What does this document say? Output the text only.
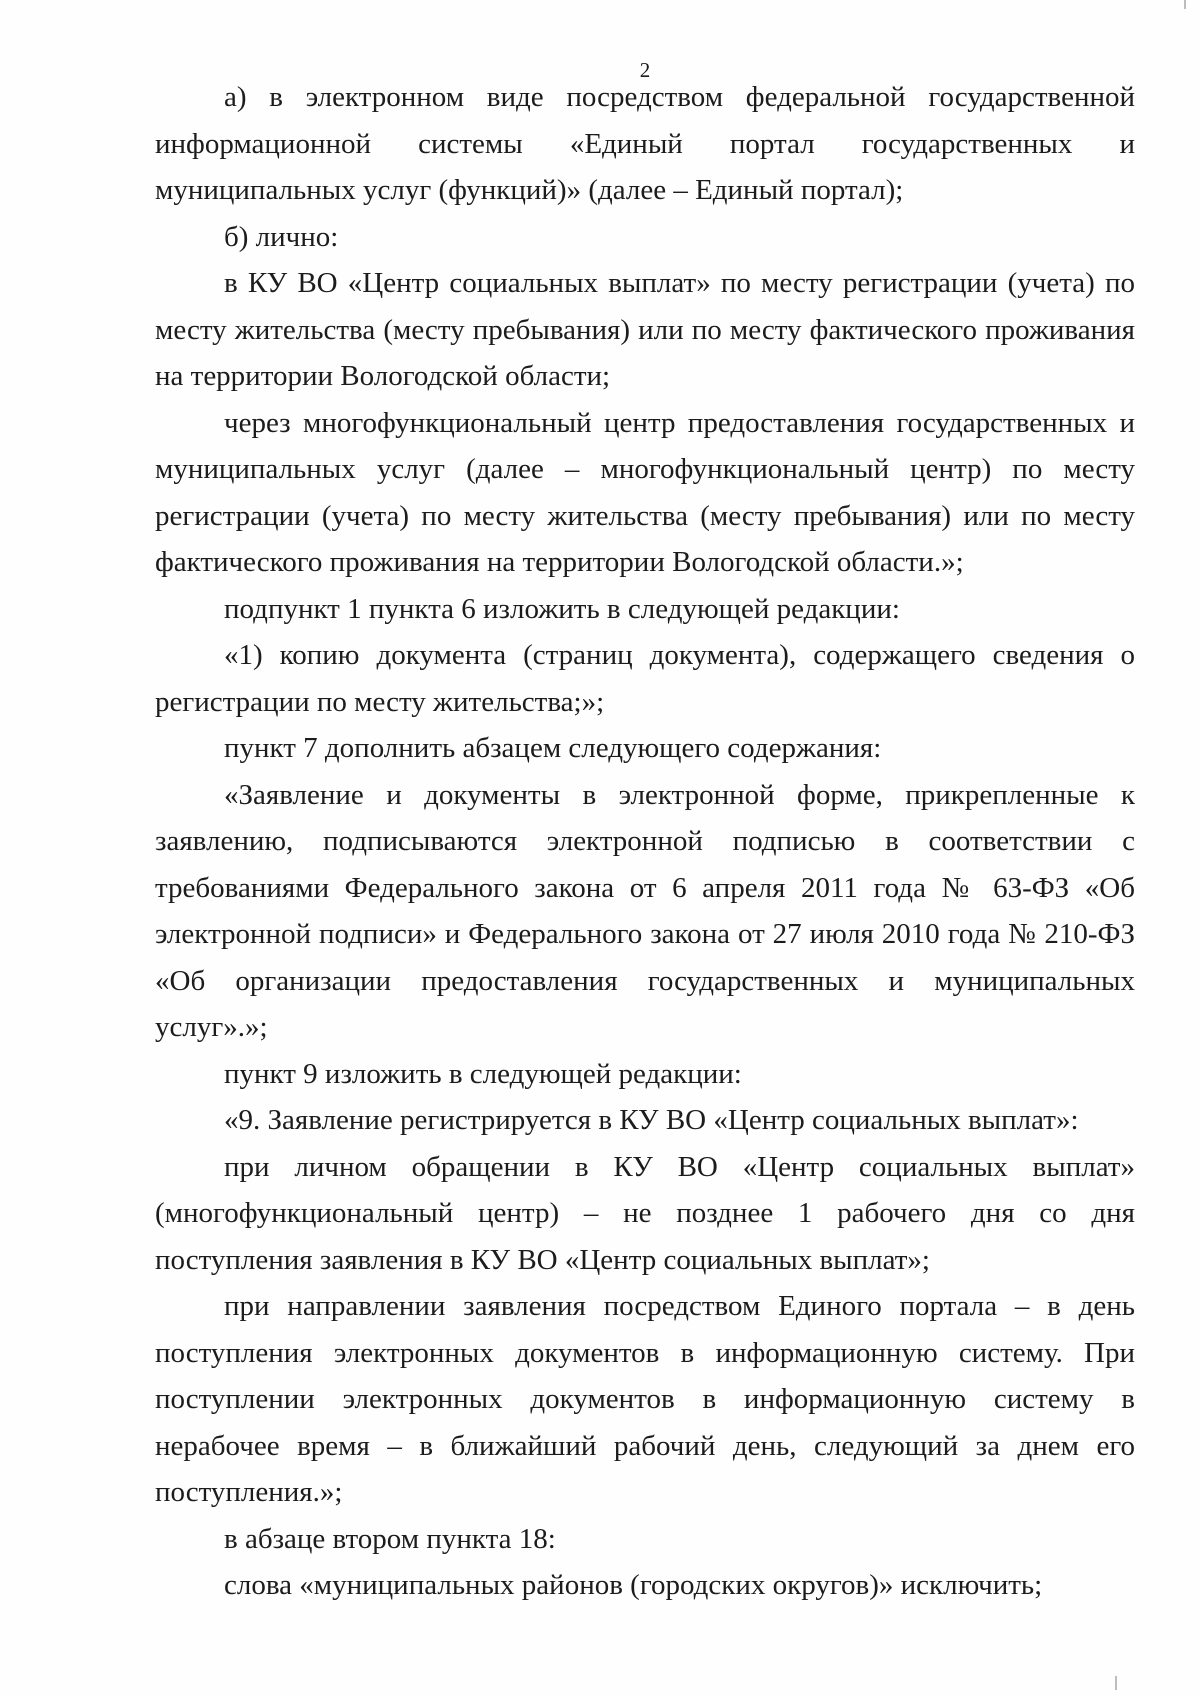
2

а) в электронном виде посредством федеральной государственной информационной системы «Единый портал государственных и муниципальных услуг (функций)» (далее – Единый портал);

б) лично:

в КУ ВО «Центр социальных выплат» по месту регистрации (учета) по месту жительства (месту пребывания) или по месту фактического проживания на территории Вологодской области;

через многофункциональный центр предоставления государственных и муниципальных услуг (далее – многофункциональный центр) по месту регистрации (учета) по месту жительства (месту пребывания) или по месту фактического проживания на территории Вологодской области.»;

подпункт 1 пункта 6 изложить в следующей редакции:

«1) копию документа (страниц документа), содержащего сведения о регистрации по месту жительства;»;

пункт 7 дополнить абзацем следующего содержания:

«Заявление и документы в электронной форме, прикрепленные к заявлению, подписываются электронной подписью в соответствии с требованиями Федерального закона от 6 апреля 2011 года № 63-ФЗ «Об электронной подписи» и Федерального закона от 27 июля 2010 года № 210-ФЗ «Об организации предоставления государственных и муниципальных услуг».»;

пункт 9 изложить в следующей редакции:

«9. Заявление регистрируется в КУ ВО «Центр социальных выплат»:

при личном обращении в КУ ВО «Центр социальных выплат» (многофункциональный центр) – не позднее 1 рабочего дня со дня поступления заявления в КУ ВО «Центр социальных выплат»;

при направлении заявления посредством Единого портала – в день поступления электронных документов в информационную систему. При поступлении электронных документов в информационную систему в нерабочее время – в ближайший рабочий день, следующий за днем его поступления.»;

в абзаце втором пункта 18:

слова «муниципальных районов (городских округов)» исключить;
